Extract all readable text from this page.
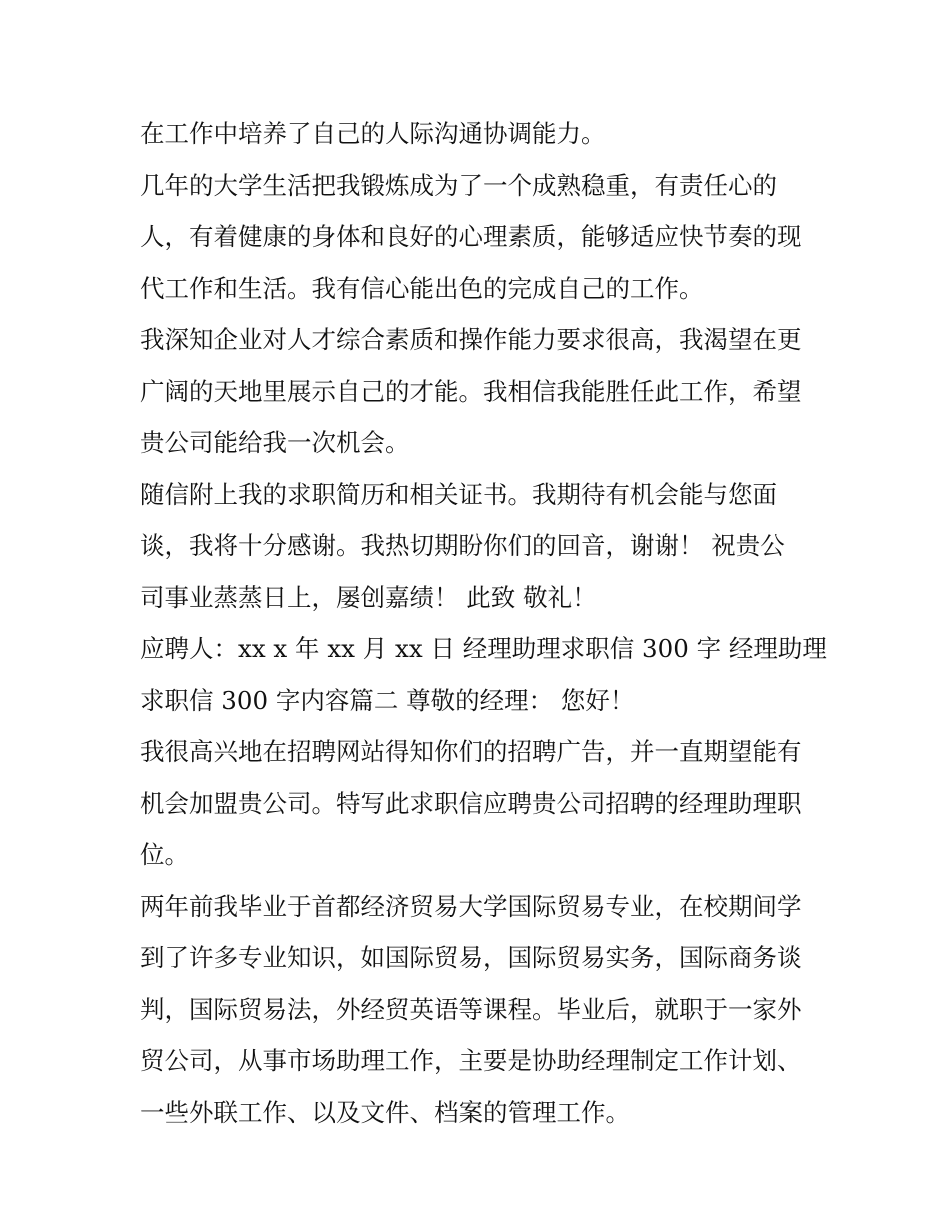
在工作中培养了自己的人际沟通协调能力。
几年的大学生活把我锻炼成为了一个成熟稳重，有责任心的
人，有着健康的身体和良好的心理素质，能够适应快节奏的现
代工作和生活。我有信心能出色的完成自己的工作。
我深知企业对人才综合素质和操作能力要求很高，我渴望在更
广阔的天地里展示自己的才能。我相信我能胜任此工作，希望
贵公司能给我一次机会。
随信附上我的求职简历和相关证书。我期待有机会能与您面
谈，我将十分感谢。我热切期盼你们的回音，谢谢！ 祝贵公
司事业蒸蒸日上，屡创嘉绩！ 此致 敬礼！
应聘人：xx x 年 xx 月 xx 日 经理助理求职信 300 字 经理助理
求职信 300 字内容篇二 尊敬的经理： 您好！
我很高兴地在招聘网站得知你们的招聘广告，并一直期望能有
机会加盟贵公司。特写此求职信应聘贵公司招聘的经理助理职
位。
两年前我毕业于首都经济贸易大学国际贸易专业，在校期间学
到了许多专业知识，如国际贸易，国际贸易实务，国际商务谈
判，国际贸易法，外经贸英语等课程。毕业后，就职于一家外
贸公司，从事市场助理工作，主要是协助经理制定工作计划、
一些外联工作、以及文件、档案的管理工作。
